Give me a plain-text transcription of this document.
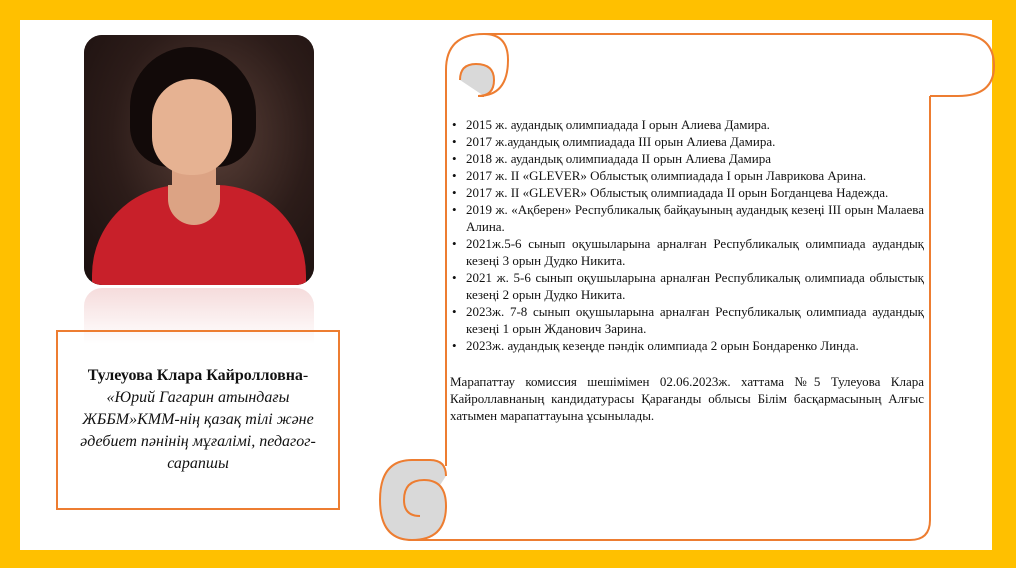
Тулеуова Клара Кайролловна-
«Юрий Гагарин атындағы ЖББМ»КММ-нің қазақ тілі және әдебиет пәнінің мұғалімі, педагог-сарапшы
• 2015 ж. аудандық олимпиадада І орын Алиева Дамира.
• 2017 ж.аудандық олимпиадада ІІІ орын Алиева Дамира.
• 2018 ж. аудандық олимпиадада ІІ орын Алиева Дамира
• 2017 ж. ІІ «GLEVER» Облыстық олимпиадада І орын Лаврикова Арина.
• 2017 ж. ІІ «GLEVER» Облыстық олимпиадада ІІ орын Богданцева Надежда.
• 2019 ж. «Ақберен» Республикалық байқауының аудандық кезеңі ІІІ орын Малаева Алина.
• 2021ж.5-6 сынып оқушыларына арналған Республикалық олимпиада аудандық кезеңі 3 орын Дудко Никита.
• 2021 ж. 5-6 сынып оқушыларына арналған Республикалық олимпиада облыстық кезеңі 2 орын Дудко Никита.
• 2023ж. 7-8 сынып оқушыларына арналған Республикалық олимпиада аудандық кезеңі 1 орын Жданович Зарина.
• 2023ж. аудандық кезеңде пәндік олимпиада 2 орын Бондаренко Линда.

Марапаттау комиссия шешімімен 02.06.2023ж. хаттама №5 Тулеуова Клара Кайроллавнаның кандидатурасы Қарағанды облысы Білім басқармасының Алғыс хатымен марапаттауына ұсынылады.
